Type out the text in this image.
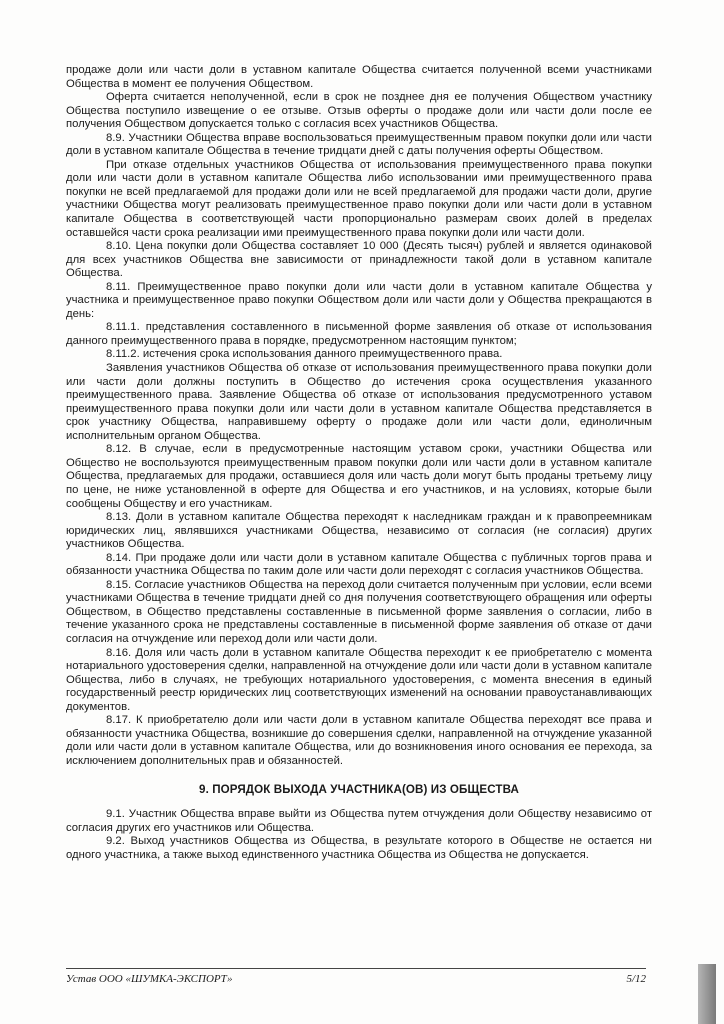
продаже доли или части доли в уставном капитале Общества считается полученной всеми участниками Общества в момент ее получения Обществом.

Оферта считается неполученной, если в срок не позднее дня ее получения Обществом участнику Общества поступило извещение о ее отзыве. Отзыв оферты о продаже доли или части доли после ее получения Обществом допускается только с согласия всех участников Общества.

8.9. Участники Общества вправе воспользоваться преимущественным правом покупки доли или части доли в уставном капитале Общества в течение тридцати дней с даты получения оферты Обществом.

При отказе отдельных участников Общества от использования преимущественного права покупки доли или части доли в уставном капитале Общества либо использовании ими преимущественного права покупки не всей предлагаемой для продажи доли или не всей предлагаемой для продажи части доли, другие участники Общества могут реализовать преимущественное право покупки доли или части доли в уставном капитале Общества в соответствующей части пропорционально размерам своих долей в пределах оставшейся части срока реализации ими преимущественного права покупки доли или части доли.

8.10. Цена покупки доли Общества составляет 10 000 (Десять тысяч) рублей и является одинаковой для всех участников Общества вне зависимости от принадлежности такой доли в уставном капитале Общества.

8.11. Преимущественное право покупки доли или части доли в уставном капитале Общества у участника и преимущественное право покупки Обществом доли или части доли у Общества прекращаются в день:

8.11.1. представления составленного в письменной форме заявления об отказе от использования данного преимущественного права в порядке, предусмотренном настоящим пунктом;

8.11.2. истечения срока использования данного преимущественного права.

Заявления участников Общества об отказе от использования преимущественного права покупки доли или части доли должны поступить в Общество до истечения срока осуществления указанного преимущественного права. Заявление Общества об отказе от использования предусмотренного уставом преимущественного права покупки доли или части доли в уставном капитале Общества представляется в срок участнику Общества, направившему оферту о продаже доли или части доли, единоличным исполнительным органом Общества.

8.12. В случае, если в предусмотренные настоящим уставом сроки, участники Общества или Общество не воспользуются преимущественным правом покупки доли или части доли в уставном капитале Общества, предлагаемых для продажи, оставшиеся доля или часть доли могут быть проданы третьему лицу по цене, не ниже установленной в оферте для Общества и его участников, и на условиях, которые были сообщены Обществу и его участникам.

8.13. Доли в уставном капитале Общества переходят к наследникам граждан и к правопреемникам юридических лиц, являвшихся участниками Общества, независимо от согласия (не согласия) других участников Общества.

8.14. При продаже доли или части доли в уставном капитале Общества с публичных торгов права и обязанности участника Общества по таким доле или части доли переходят с согласия участников Общества.

8.15. Согласие участников Общества на переход доли считается полученным при условии, если всеми участниками Общества в течение тридцати дней со дня получения соответствующего обращения или оферты Обществом, в Общество представлены составленные в письменной форме заявления о согласии, либо в течение указанного срока не представлены составленные в письменной форме заявления об отказе от дачи согласия на отчуждение или переход доли или части доли.

8.16. Доля или часть доли в уставном капитале Общества переходит к ее приобретателю с момента нотариального удостоверения сделки, направленной на отчуждение доли или части доли в уставном капитале Общества, либо в случаях, не требующих нотариального удостоверения, с момента внесения в единый государственный реестр юридических лиц соответствующих изменений на основании правоустанавливающих документов.

8.17. К приобретателю доли или части доли в уставном капитале Общества переходят все права и обязанности участника Общества, возникшие до совершения сделки, направленной на отчуждение указанной доли или части доли в уставном капитале Общества, или до возникновения иного основания ее перехода, за исключением дополнительных прав и обязанностей.

9. ПОРЯДОК ВЫХОДА УЧАСТНИКА(ОВ) ИЗ ОБЩЕСТВА

9.1. Участник Общества вправе выйти из Общества путем отчуждения доли Обществу независимо от согласия других его участников или Общества.

9.2. Выход участников Общества из Общества, в результате которого в Обществе не остается ни одного участника, а также выход единственного участника Общества из Общества не допускается.

Устав ООО «ШУМКА-ЭКСПОРТ»	5/12
